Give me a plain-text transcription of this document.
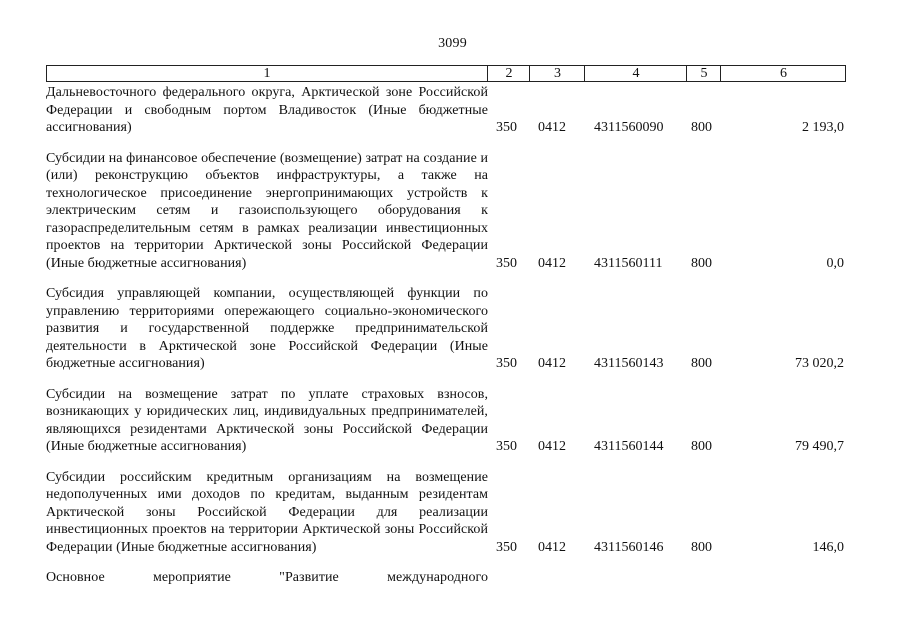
3099
1	2	3	4	5	6
Дальневосточного федерального округа, Арктической зоне Российской Федерации и свободным портом Владивосток (Иные бюджетные ассигнования)	350	0412	4311560090	800	2 193,0
Субсидии на финансовое обеспечение (возмещение) затрат на создание и (или) реконструкцию объектов инфраструктуры, а также на технологическое присоединение энергопринимающих устройств к электрическим сетям и газоиспользующего оборудования к газораспределительным сетям в рамках реализации инвестиционных проектов на территории Арктической зоны Российской Федерации (Иные бюджетные ассигнования)	350	0412	4311560111	800	0,0
Субсидия управляющей компании, осуществляющей функции по управлению территориями опережающего социально-экономического развития и государственной поддержке предпринимательской деятельности в Арктической зоне Российской Федерации (Иные бюджетные ассигнования)	350	0412	4311560143	800	73 020,2
Субсидии на возмещение затрат по уплате страховых взносов, возникающих у юридических лиц, индивидуальных предпринимателей, являющихся резидентами Арктической зоны Российской Федерации (Иные бюджетные ассигнования)	350	0412	4311560144	800	79 490,7
Субсидии российским кредитным организациям на возмещение недополученных ими доходов по кредитам, выданным резидентам Арктической зоны Российской Федерации для реализации инвестиционных проектов на территории Арктической зоны Российской Федерации (Иные бюджетные ассигнования)	350	0412	4311560146	800	146,0
Основное мероприятие "Развитие международного
